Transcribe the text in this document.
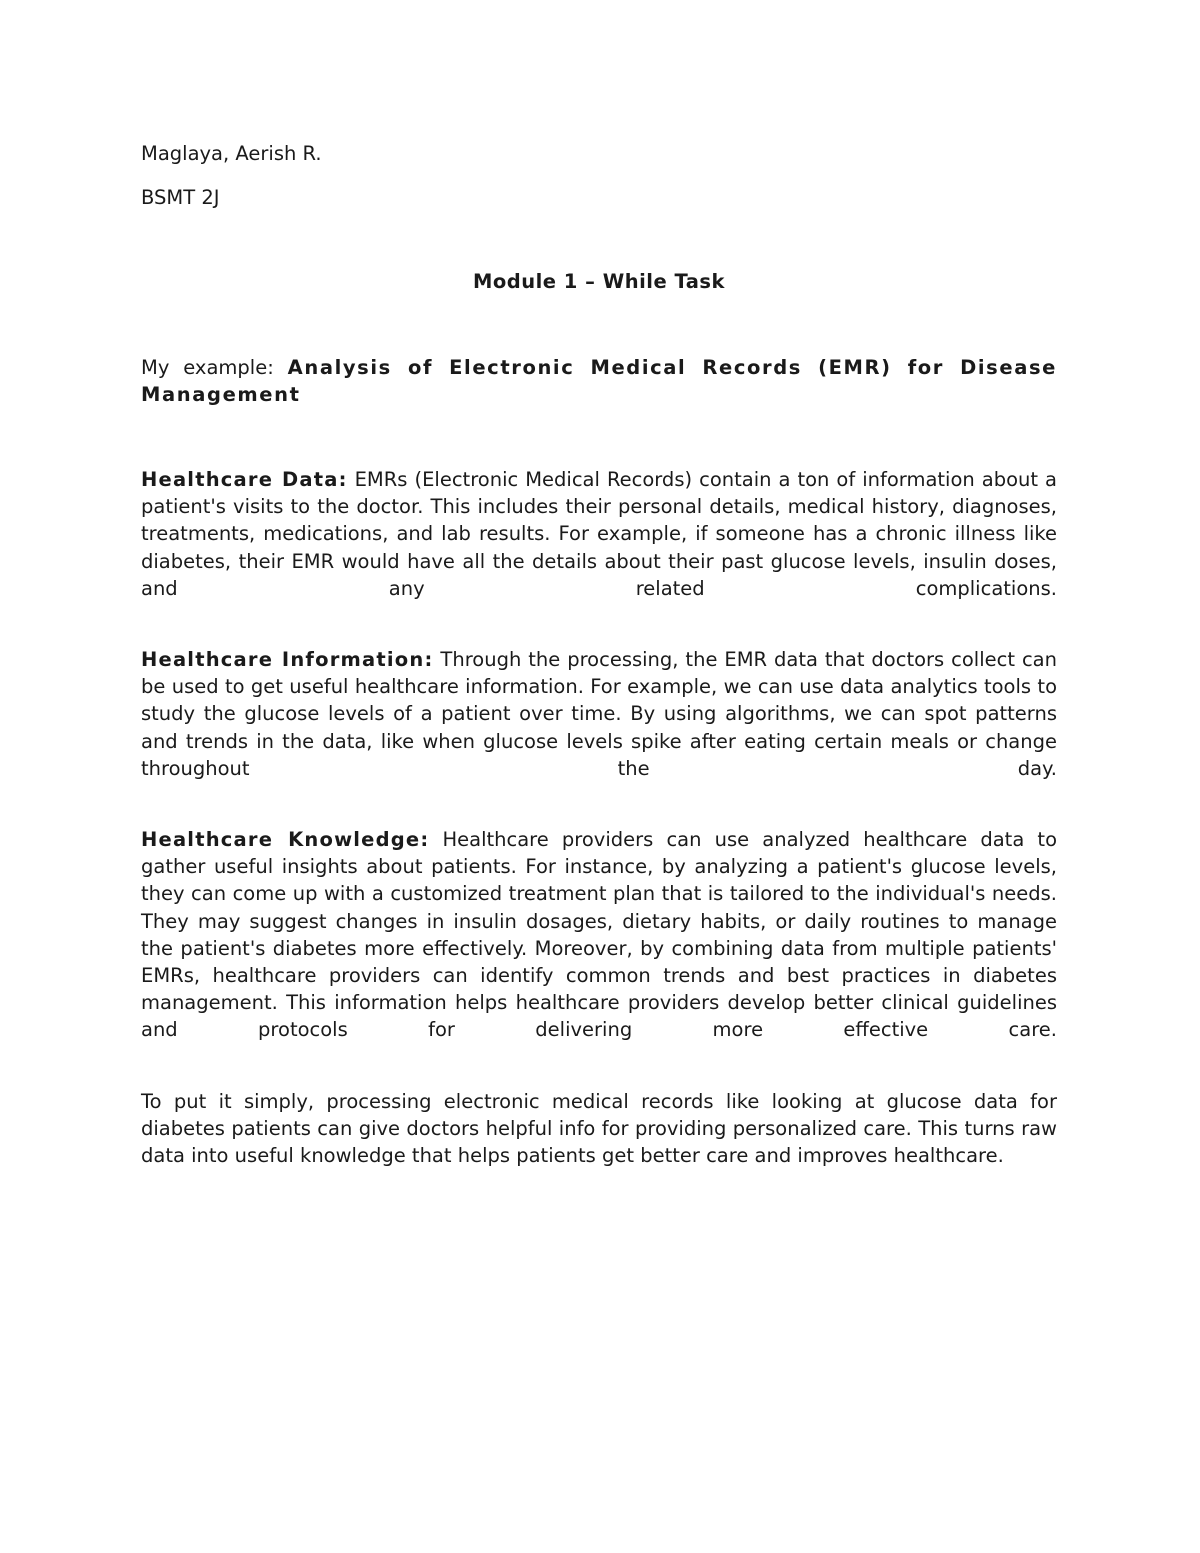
Maglaya, Aerish R.

BSMT 2J

Module 1 – While Task

My example: Analysis of Electronic Medical Records (EMR) for Disease Management

Healthcare Data: EMRs (Electronic Medical Records) contain a ton of information about a patient's visits to the doctor. This includes their personal details, medical history, diagnoses, treatments, medications, and lab results. For example, if someone has a chronic illness like diabetes, their EMR would have all the details about their past glucose levels, insulin doses, and any related complications.

Healthcare Information: Through the processing, the EMR data that doctors collect can be used to get useful healthcare information. For example, we can use data analytics tools to study the glucose levels of a patient over time. By using algorithms, we can spot patterns and trends in the data, like when glucose levels spike after eating certain meals or change throughout the day.

Healthcare Knowledge: Healthcare providers can use analyzed healthcare data to gather useful insights about patients. For instance, by analyzing a patient's glucose levels, they can come up with a customized treatment plan that is tailored to the individual's needs. They may suggest changes in insulin dosages, dietary habits, or daily routines to manage the patient's diabetes more effectively. Moreover, by combining data from multiple patients' EMRs, healthcare providers can identify common trends and best practices in diabetes management. This information helps healthcare providers develop better clinical guidelines and protocols for delivering more effective care.

To put it simply, processing electronic medical records like looking at glucose data for diabetes patients can give doctors helpful info for providing personalized care. This turns raw data into useful knowledge that helps patients get better care and improves healthcare.
